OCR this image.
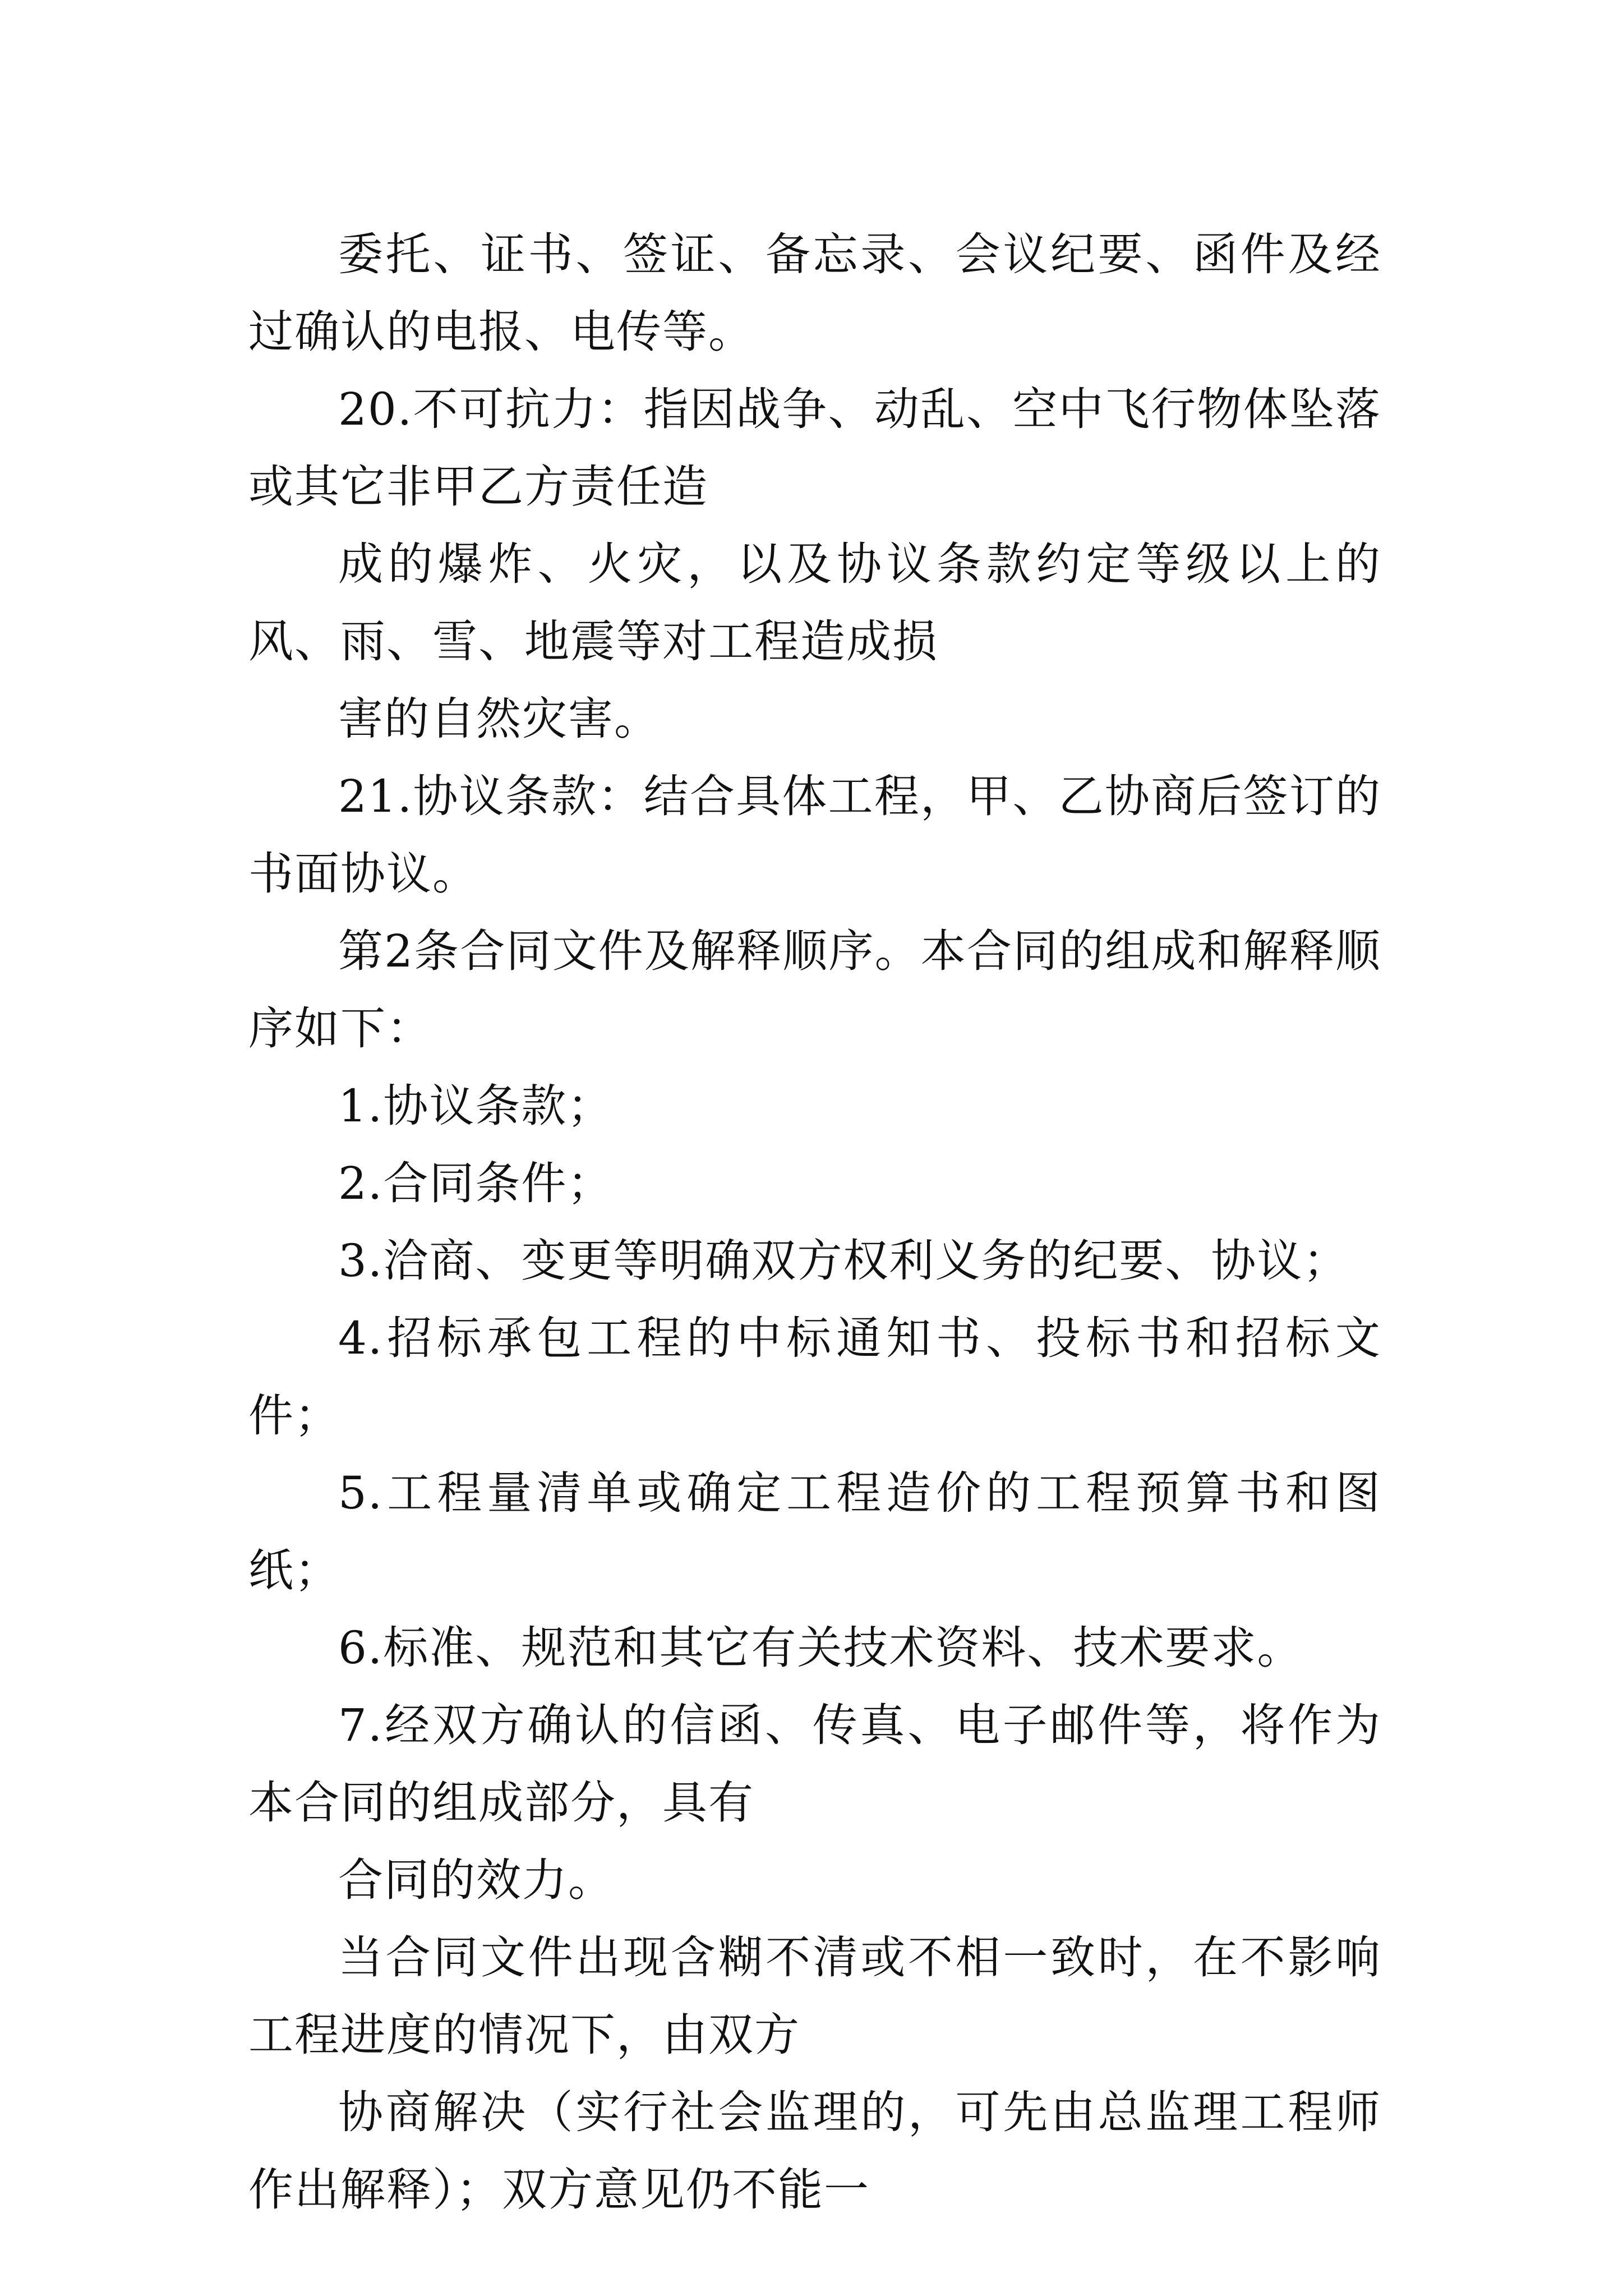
委托、证书、签证、备忘录、会议纪要、函件及经过确认的电报、电传等。

20.不可抗力：指因战争、动乱、空中飞行物体坠落或其它非甲乙方责任造

成的爆炸、火灾，以及协议条款约定等级以上的风、雨、雪、地震等对工程造成损

害的自然灾害。

21.协议条款：结合具体工程，甲、乙协商后签订的书面协议。

第2条合同文件及解释顺序。本合同的组成和解释顺序如下：

1.协议条款；

2.合同条件；

3.洽商、变更等明确双方权利义务的纪要、协议；

4.招标承包工程的中标通知书、投标书和招标文件；

5.工程量清单或确定工程造价的工程预算书和图纸；

6.标准、规范和其它有关技术资料、技术要求。

7.经双方确认的信函、传真、电子邮件等，将作为本合同的组成部分，具有

合同的效力。

当合同文件出现含糊不清或不相一致时，在不影响工程进度的情况下，由双方

协商解决（实行社会监理的，可先由总监理工程师作出解释）；双方意见仍不能一
